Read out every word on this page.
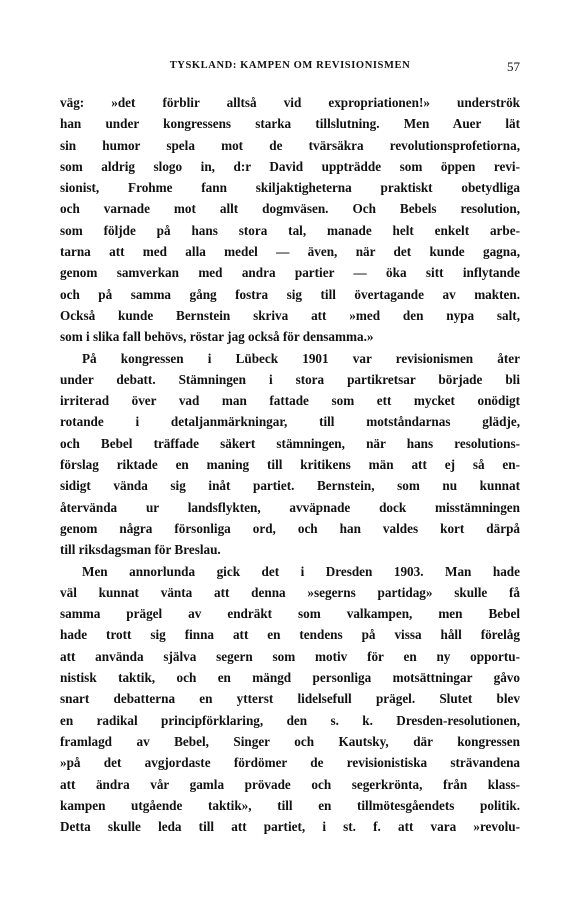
TYSKLAND: KAMPEN OM REVISIONISMEN	57
väg: »det förblir alltså vid expropriationen!» underströk
han under kongressens starka tillslutning. Men Auer lät
sin humor spela mot de tvärsäkra revolutionsprofetiorna,
som aldrig slogo in, d:r David uppträdde som öppen revi-
sionist, Frohme fann skiljaktigheterna praktiskt obetydliga
och varnade mot allt dogmväsen. Och Bebels resolution,
som följde på hans stora tal, manade helt enkelt arbe-
tarna att med alla medel — även, när det kunde gagna,
genom samverkan med andra partier — öka sitt inflytande
och på samma gång fostra sig till övertagande av makten.
Också kunde Bernstein skriva att »med den nypa salt,
som i slika fall behövs, röstar jag också för densamma.»
På kongressen i Lübeck 1901 var revisionismen åter
under debatt. Stämningen i stora partikretsar började bli
irriterad över vad man fattade som ett mycket onödigt
rotande i detaljanmärkningar, till motståndarnas glädje,
och Bebel träffade säkert stämningen, när hans resolutions-
förslag riktade en maning till kritikens män att ej så en-
sidigt vända sig inåt partiet. Bernstein, som nu kunnat
återvända ur landsflykten, avväpnade dock misstämningen
genom några försonliga ord, och han valdes kort därpå
till riksdagsman för Breslau.
Men annorlunda gick det i Dresden 1903. Man hade
väl kunnat vänta att denna »segerns partidag» skulle få
samma prägel av endräkt som valkampen, men Bebel
hade trott sig finna att en tendens på vissa håll förelåg
att använda själva segern som motiv för en ny opportu-
nistisk taktik, och en mängd personliga motsättningar gåvo
snart debatterna en ytterst lidelsefull prägel. Slutet blev
en radikal principförklaring, den s. k. Dresden-resolutionen,
framlagd av Bebel, Singer och Kautsky, där kongressen
»på det avgjordaste fördömer de revisionistiska strävandena
att ändra vår gamla prövade och segerkrönta, från klass-
kampen utgående taktik», till en tillmötesgåendets politik.
Detta skulle leda till att partiet, i st. f. att vara »revolu-
